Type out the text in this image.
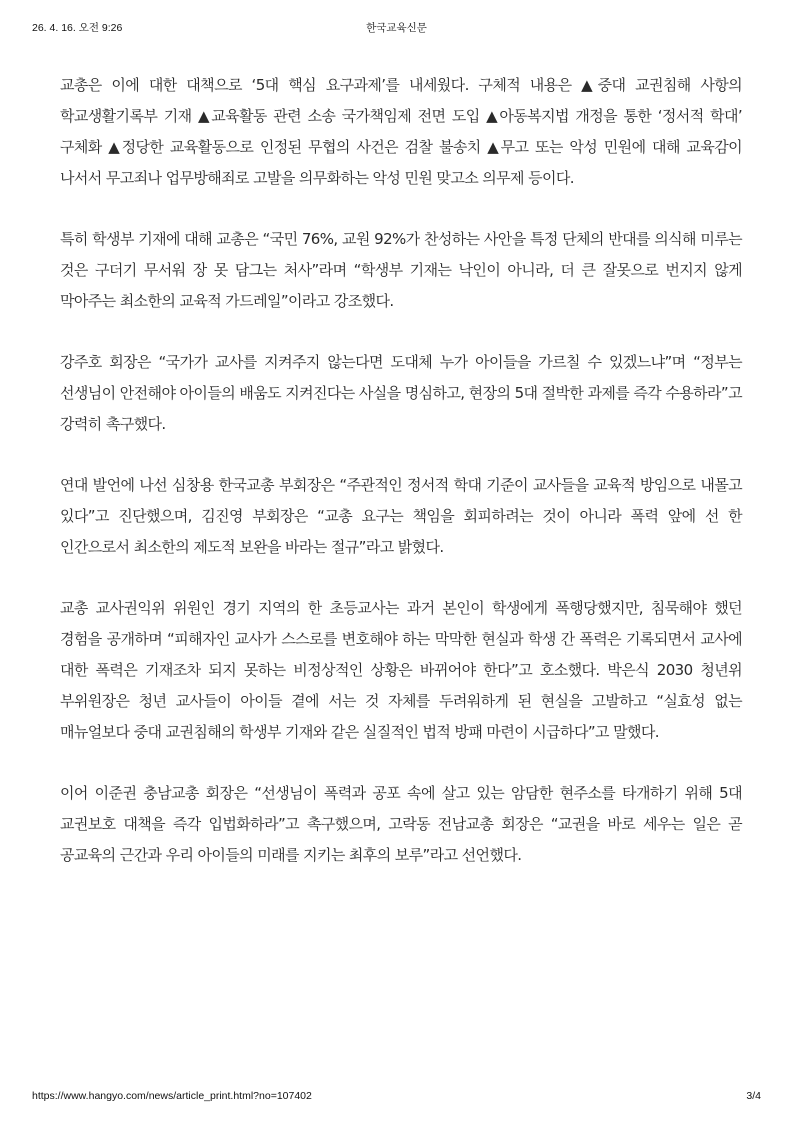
26. 4. 16. 오전 9:26	한국교육신문

교총은 이에 대한 대책으로 ‘5대 핵심 요구과제’를 내세웠다. 구체적 내용은 ▲중대 교권침해 사항의 학교생활기록부 기재 ▲교육활동 관련 소송 국가책임제 전면 도입 ▲아동복지법 개정을 통한 ‘정서적 학대’ 구체화 ▲정당한 교육활동으로 인정된 무협의 사건은 검찰 불송치 ▲무고 또는 악성 민원에 대해 교육감이 나서서 무고죄나 업무방해죄로 고발을 의무화하는 악성 민원 맞고소 의무제 등이다.

특히 학생부 기재에 대해 교총은 “국민 76%, 교원 92%가 찬성하는 사안을 특정 단체의 반대를 의식해 미루는 것은 구더기 무서워 장 못 담그는 처사”라며 “학생부 기재는 낙인이 아니라, 더 큰 잘못으로 번지지 않게 막아주는 최소한의 교육적 가드레일”이라고 강조했다.

강주호 회장은 “국가가 교사를 지켜주지 않는다면 도대체 누가 아이들을 가르칠 수 있겠느냐”며 “정부는 선생님이 안전해야 아이들의 배움도 지켜진다는 사실을 명심하고, 현장의 5대 절박한 과제를 즉각 수용하라”고 강력히 촉구했다.

연대 발언에 나선 심창용 한국교총 부회장은 “주관적인 정서적 학대 기준이 교사들을 교육적 방임으로 내몰고 있다”고 진단했으며, 김진영 부회장은 “교총 요구는 책임을 회피하려는 것이 아니라 폭력 앞에 선 한 인간으로서 최소한의 제도적 보완을 바라는 절규”라고 밝혔다.

교총 교사권익위 위원인 경기 지역의 한 초등교사는 과거 본인이 학생에게 폭행당했지만, 침묵해야 했던 경험을 공개하며 “피해자인 교사가 스스로를 변호해야 하는 막막한 현실과 학생 간 폭력은 기록되면서 교사에 대한 폭력은 기재조차 되지 못하는 비정상적인 상황은 바뀌어야 한다”고 호소했다. 박은식 2030 청년위 부위원장은 청년 교사들이 아이들 곁에 서는 것 자체를 두려워하게 된 현실을 고발하고 “실효성 없는 매뉴얼보다 중대 교권침해의 학생부 기재와 같은 실질적인 법적 방패 마련이 시급하다”고 말했다.

이어 이준권 충남교총 회장은 “선생님이 폭력과 공포 속에 살고 있는 암담한 현주소를 타개하기 위해 5대 교권보호 대책을 즉각 입법화하라”고 촉구했으며, 고락동 전남교총 회장은 “교권을 바로 세우는 일은 곧 공교육의 근간과 우리 아이들의 미래를 지키는 최후의 보루”라고 선언했다.

https://www.hangyo.com/news/article_print.html?no=107402	3/4
